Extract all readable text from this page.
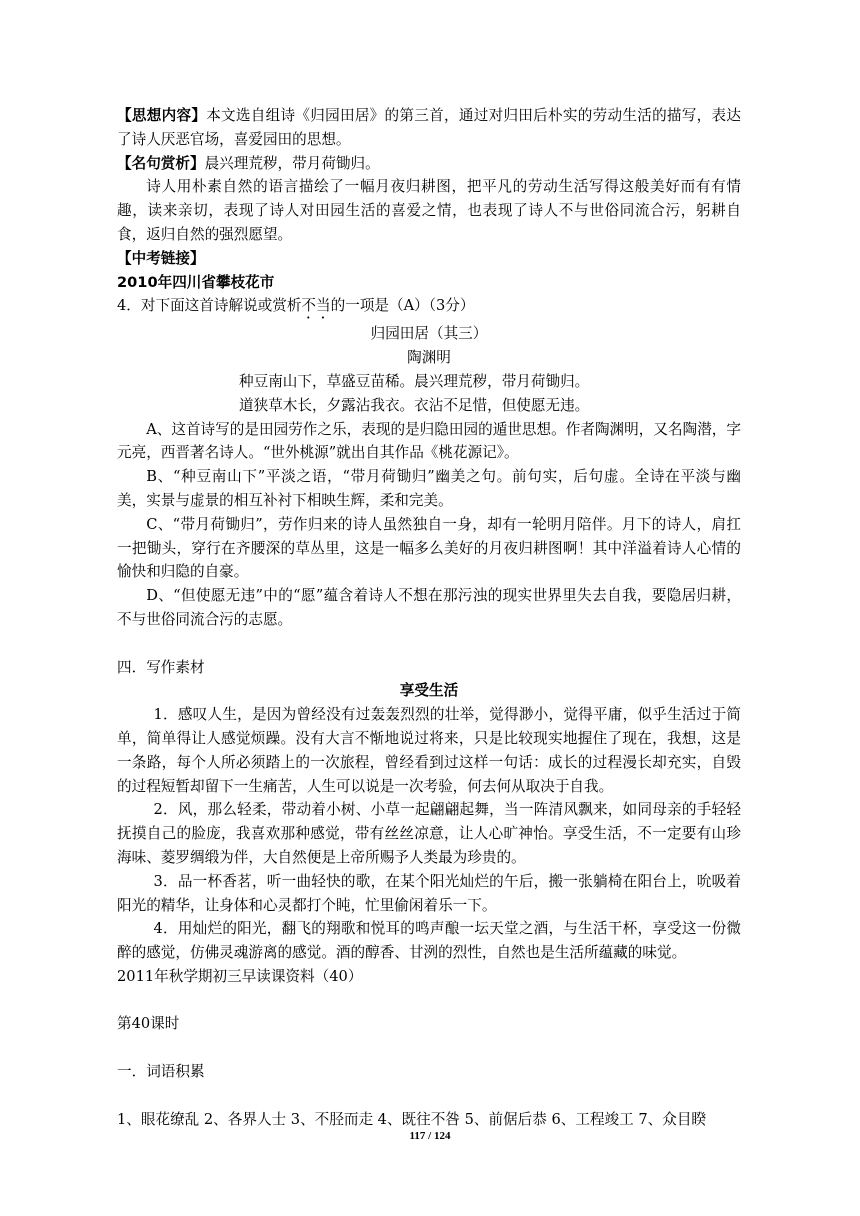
【思想内容】本文选自组诗《归园田居》的第三首，通过对归田后朴实的劳动生活的描写，表达了诗人厌恶官场，喜爱园田的思想。

【名句赏析】晨兴理荒秽，带月荷锄归。

诗人用朴素自然的语言描绘了一幅月夜归耕图，把平凡的劳动生活写得这般美好而有有情趣，读来亲切，表现了诗人对田园生活的喜爱之情，也表现了诗人不与世俗同流合污，躬耕自食，返归自然的强烈愿望。

【中考链接】

2010年四川省攀枝花市

4．对下面这首诗解说或赏析不当的一项是（A）（3分）

归园田居（其三）

陶渊明

种豆南山下，草盛豆苗稀。晨兴理荒秽，带月荷锄归。

道狭草木长，夕露沾我衣。衣沾不足惜，但使愿无违。

A、这首诗写的是田园劳作之乐，表现的是归隐田园的遁世思想。作者陶渊明，又名陶潜，字元亮，西晋著名诗人。“世外桃源”就出自其作品《桃花源记》。

B、“种豆南山下”平淡之语，“带月荷锄归”幽美之句。前句实，后句虚。全诗在平淡与幽美，实景与虚景的相互补衬下相映生辉，柔和完美。

C、“带月荷锄归”，劳作归来的诗人虽然独自一身，却有一轮明月陪伴。月下的诗人，肩扛一把锄头，穿行在齐腰深的草丛里，这是一幅多么美好的月夜归耕图啊！其中洋溢着诗人心情的愉快和归隐的自豪。

D、“但使愿无违”中的“愿”蕴含着诗人不想在那污浊的现实世界里失去自我，要隐居归耕，不与世俗同流合污的志愿。

四．写作素材

享受生活

1．感叹人生，是因为曾经没有过轰轰烈烈的壮举，觉得渺小，觉得平庸，似乎生活过于简单，简单得让人感觉烦躁。没有大言不惭地说过将来，只是比较现实地握住了现在，我想，这是一条路，每个人所必须踏上的一次旅程，曾经看到过这样一句话：成长的过程漫长却充实，自毁的过程短暂却留下一生痛苦，人生可以说是一次考验，何去何从取决于自我。

2．风，那么轻柔，带动着小树、小草一起翩翩起舞，当一阵清风飘来，如同母亲的手轻轻抚摸自己的脸庞，我喜欢那种感觉，带有丝丝凉意，让人心旷神怡。享受生活，不一定要有山珍海味、菱罗绸缎为伴，大自然便是上帝所赐予人类最为珍贵的。

3．品一杯香茗，听一曲轻快的歌，在某个阳光灿烂的午后，搬一张躺椅在阳台上，吮吸着阳光的精华，让身体和心灵都打个盹，忙里偷闲着乐一下。

4．用灿烂的阳光，翻飞的翔歌和悦耳的鸣声酿一坛天堂之酒，与生活干杯，享受这一份微醉的感觉，仿佛灵魂游离的感觉。酒的醇香、甘洌的烈性，自然也是生活所蕴藏的味觉。

2011年秋学期初三早读课资料（40）

第40课时

一．词语积累

1、眼花缭乱 2、各界人士 3、不胫而走 4、既往不咎 5、前倨后恭 6、工程竣工 7、众目睽

117 / 124
